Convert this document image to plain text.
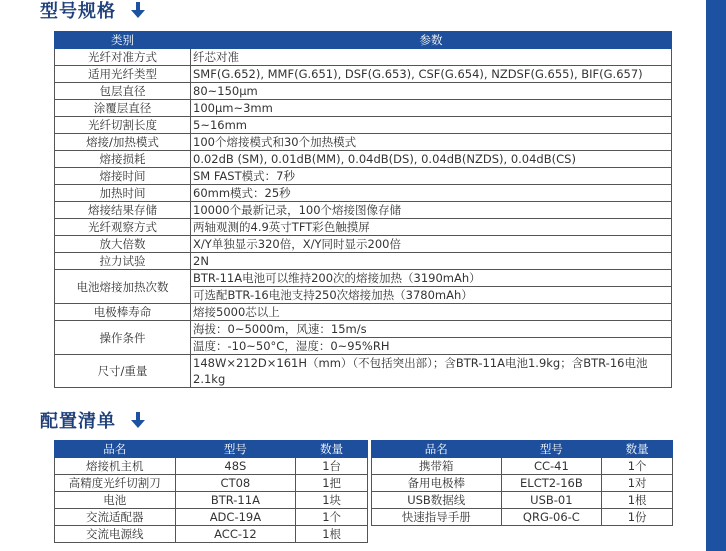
型号规格
类别	参数
光纤对准方式	纤芯对准
适用光纤类型	SMF(G.652), MMF(G.651), DSF(G.653), CSF(G.654), NZDSF(G.655), BIF(G.657)
包层直径	80~150μm
涂覆层直径	100μm~3mm
光纤切割长度	5~16mm
熔接/加热模式	100个熔接模式和30个加热模式
熔接损耗	0.02dB (SM), 0.01dB(MM), 0.04dB(DS), 0.04dB(NZDS), 0.04dB(CS)
熔接时间	SM FAST模式：7秒
加热时间	60mm模式：25秒
熔接结果存储	10000个最新记录，100个熔接图像存储
光纤观察方式	两轴观测的4.9英寸TFT彩色触摸屏
放大倍数	X/Y单独显示320倍，X/Y同时显示200倍
拉力试验	2N
电池熔接加热次数	BTR-11A电池可以维持200次的熔接加热（3190mAh）
	可选配BTR-16电池支持250次熔接加热（3780mAh）
电极棒寿命	熔接5000芯以上
操作条件	海拔：0~5000m，风速：15m/s
	温度：-10~50°C，湿度：0~95%RH
尺寸/重量	148W×212D×161H（mm）（不包括突出部）；含BTR-11A电池1.9kg；含BTR-16电池2.1kg
配置清单
品名	型号	数量
熔接机主机	48S	1台
高精度光纤切割刀	CT08	1把
电池	BTR-11A	1块
交流适配器	ADC-19A	1个
交流电源线	ACC-12	1根
品名	型号	数量
携带箱	CC-41	1个
备用电极棒	ELCT2-16B	1对
USB数据线	USB-01	1根
快速指导手册	QRG-06-C	1份
